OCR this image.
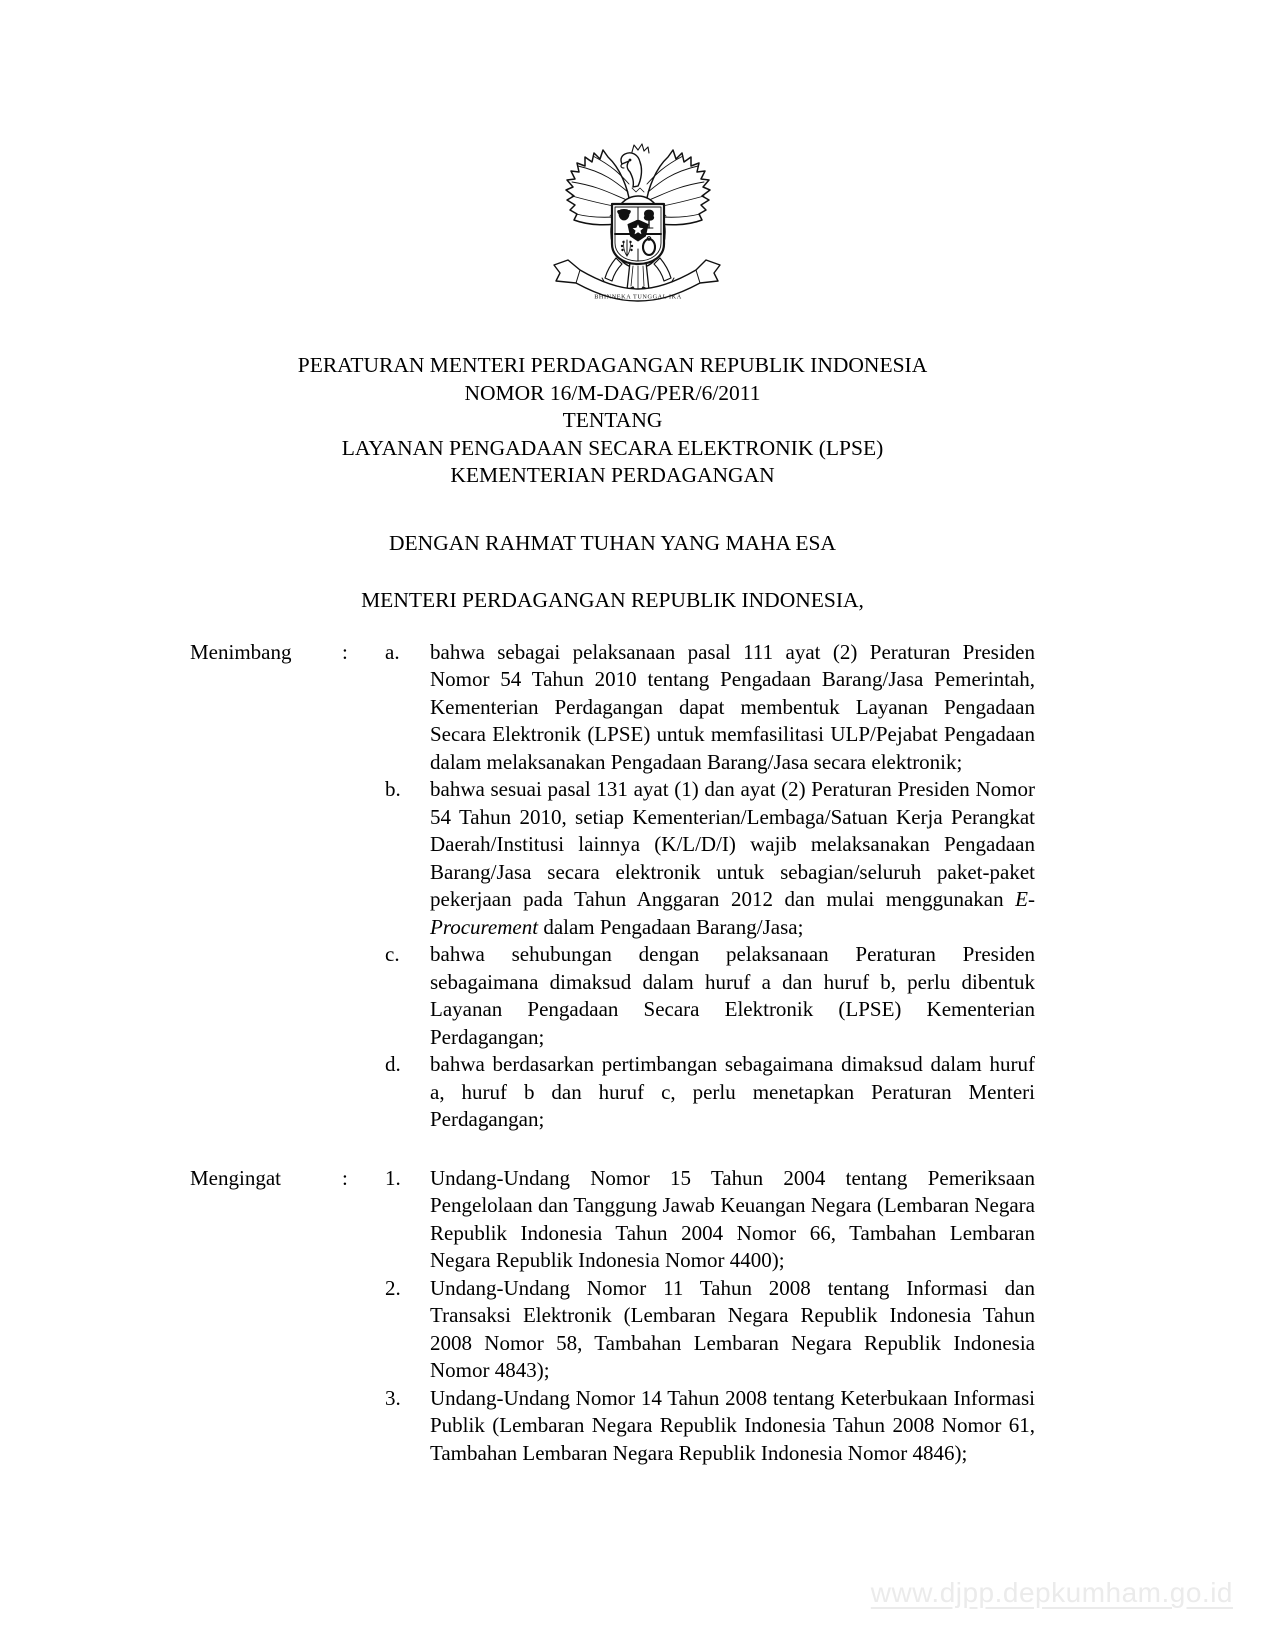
BHINNEKA TUNGGAL IKA
PERATURAN MENTERI PERDAGANGAN REPUBLIK INDONESIA
NOMOR 16/M-DAG/PER/6/2011
TENTANG
LAYANAN PENGADAAN SECARA ELEKTRONIK (LPSE)
KEMENTERIAN PERDAGANGAN
DENGAN RAHMAT TUHAN YANG MAHA ESA
MENTERI PERDAGANGAN REPUBLIK INDONESIA,
Menimbang	:	a.	bahwa sebagai pelaksanaan pasal 111 ayat (2) Peraturan Presiden Nomor 54 Tahun 2010 tentang Pengadaan Barang/Jasa Pemerintah, Kementerian Perdagangan dapat membentuk Layanan Pengadaan Secara Elektronik (LPSE) untuk memfasilitasi ULP/Pejabat Pengadaan dalam melaksanakan Pengadaan Barang/Jasa secara elektronik;
b.	bahwa sesuai pasal 131 ayat (1) dan ayat (2) Peraturan Presiden Nomor 54 Tahun 2010, setiap Kementerian/Lembaga/Satuan Kerja Perangkat Daerah/Institusi lainnya (K/L/D/I) wajib melaksanakan Pengadaan Barang/Jasa secara elektronik untuk sebagian/seluruh paket-paket pekerjaan pada Tahun Anggaran 2012 dan mulai menggunakan E-Procurement dalam Pengadaan Barang/Jasa;
c.	bahwa sehubungan dengan pelaksanaan Peraturan Presiden sebagaimana dimaksud dalam huruf a dan huruf b, perlu dibentuk Layanan Pengadaan Secara Elektronik (LPSE) Kementerian Perdagangan;
d.	bahwa berdasarkan pertimbangan sebagaimana dimaksud dalam huruf a, huruf b dan huruf c, perlu menetapkan Peraturan Menteri Perdagangan;
Mengingat	:	1.	Undang-Undang Nomor 15 Tahun 2004 tentang Pemeriksaan Pengelolaan dan Tanggung Jawab Keuangan Negara (Lembaran Negara Republik Indonesia Tahun 2004 Nomor 66, Tambahan Lembaran Negara Republik Indonesia Nomor 4400);
2.	Undang-Undang Nomor 11 Tahun 2008 tentang Informasi dan Transaksi Elektronik (Lembaran Negara Republik Indonesia Tahun 2008 Nomor 58, Tambahan Lembaran Negara Republik Indonesia Nomor 4843);
3.	Undang-Undang Nomor 14 Tahun 2008 tentang Keterbukaan Informasi Publik (Lembaran Negara Republik Indonesia Tahun 2008 Nomor 61, Tambahan Lembaran Negara Republik Indonesia Nomor 4846);
www.djpp.depkumham.go.id
